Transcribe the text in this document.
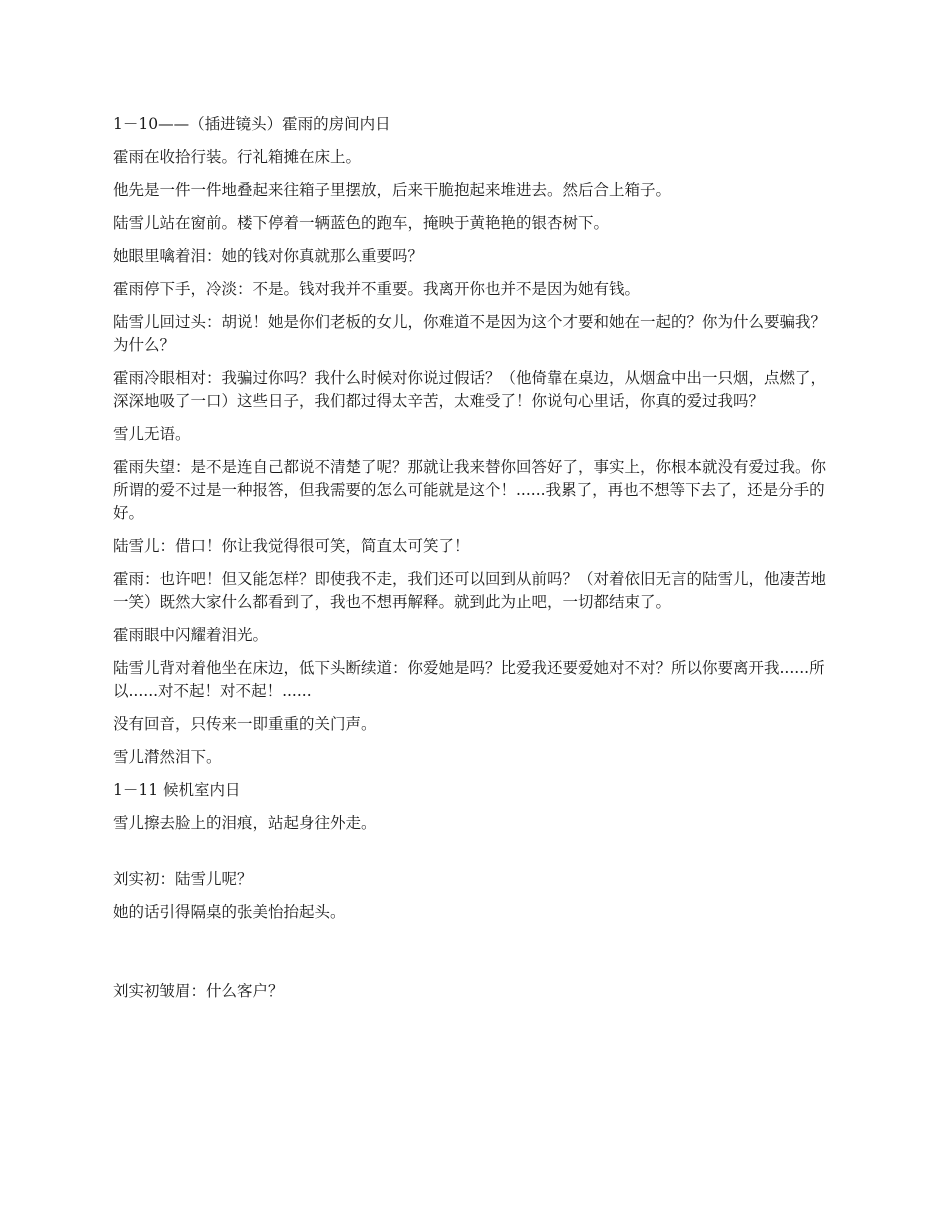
1－10——（插进镜头）霍雨的房间内日

霍雨在收拾行装。行礼箱摊在床上。

他先是一件一件地叠起来往箱子里摆放，后来干脆抱起来堆进去。然后合上箱子。

陆雪儿站在窗前。楼下停着一辆蓝色的跑车，掩映于黄艳艳的银杏树下。

她眼里噙着泪：她的钱对你真就那么重要吗？

霍雨停下手，冷淡：不是。钱对我并不重要。我离开你也并不是因为她有钱。

陆雪儿回过头：胡说！她是你们老板的女儿，你难道不是因为这个才要和她在一起的？你为什么要骗我？为什么？

霍雨冷眼相对：我骗过你吗？我什么时候对你说过假话？（他倚靠在桌边，从烟盒中出一只烟，点燃了，深深地吸了一口）这些日子，我们都过得太辛苦，太难受了！你说句心里话，你真的爱过我吗？

雪儿无语。

霍雨失望：是不是连自己都说不清楚了呢？那就让我来替你回答好了，事实上，你根本就没有爱过我。你所谓的爱不过是一种报答，但我需要的怎么可能就是这个！......我累了，再也不想等下去了，还是分手的好。

陆雪儿：借口！你让我觉得很可笑，简直太可笑了！

霍雨：也许吧！但又能怎样？即使我不走，我们还可以回到从前吗？（对着依旧无言的陆雪儿，他凄苦地一笑）既然大家什么都看到了，我也不想再解释。就到此为止吧，一切都结束了。

霍雨眼中闪耀着泪光。

陆雪儿背对着他坐在床边，低下头断续道：你爱她是吗？比爱我还要爱她对不对？所以你要离开我......所以......对不起！对不起！......

没有回音，只传来一即重重的关门声。

雪儿潸然泪下。

1－11 候机室内日

雪儿擦去脸上的泪痕，站起身往外走。

刘实初：陆雪儿呢？

她的话引得隔桌的张美怡抬起头。

刘实初皱眉：什么客户？
